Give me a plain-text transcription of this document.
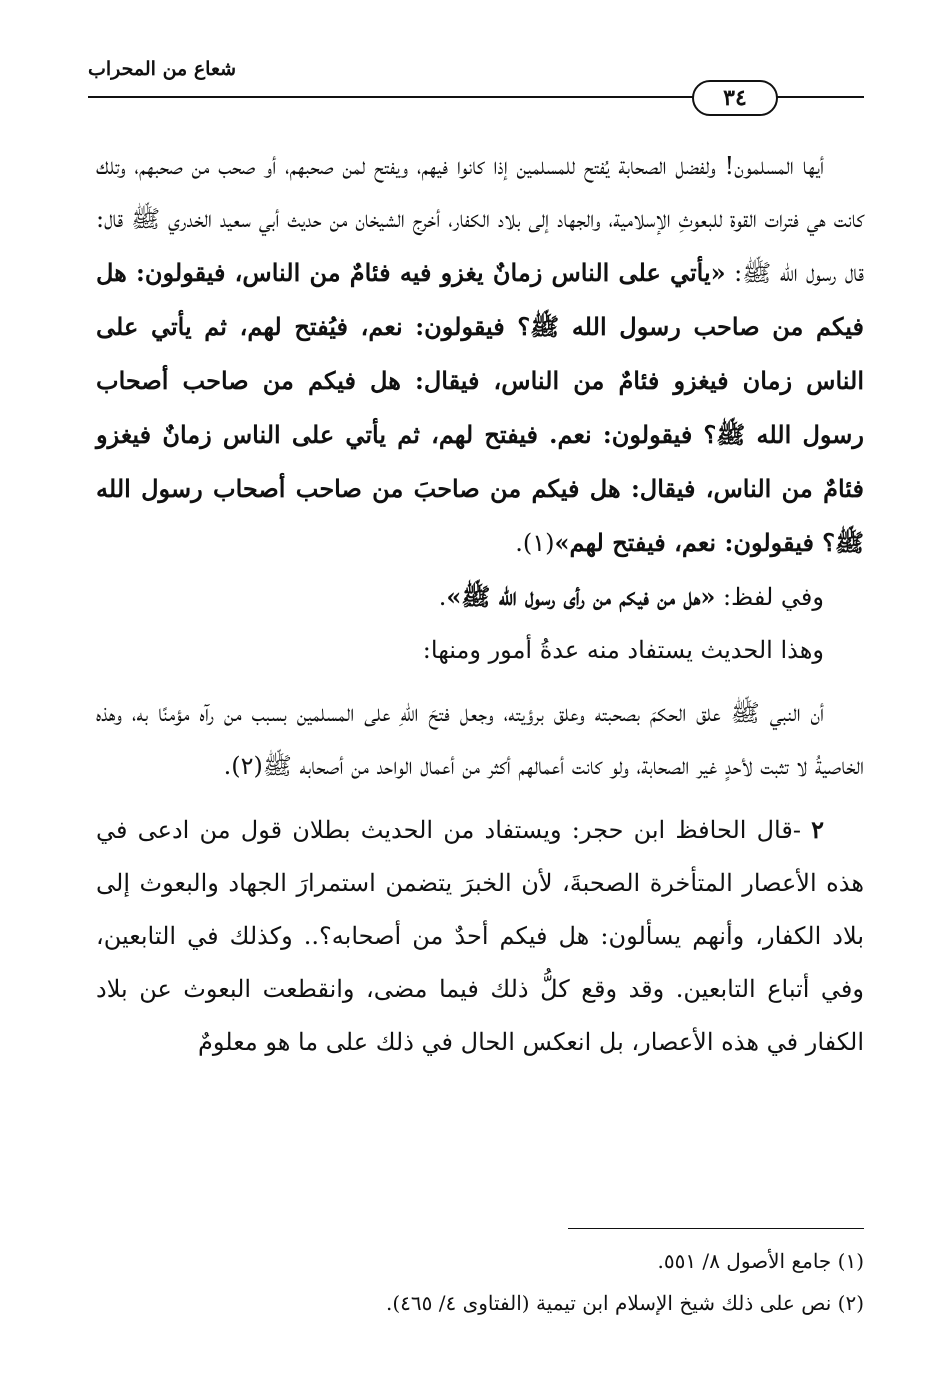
شعاع من المحراب
٣٤

أيها المسلمون! ولفضل الصحابة يُفتح للمسلمين إذا كانوا فيهم، ويفتح لمن صحبهم، أو صحب من صحبهم، وتلك كانت هي فترات القوة للبعوثِ الإسلامية، والجهاد إلى بلاد الكفار، أخرج الشيخان من حديث أبي سعيد الخدري ﷺ قال: قال رسول الله ﷺ: «يأتي على الناس زمانٌ يغزو فيه فئامٌ من الناس، فيقولون: هل فيكم من صاحب رسول الله ﷺ؟ فيقولون: نعم، فيُفتح لهم، ثم يأتي على الناس زمان فيغزو فئامٌ من الناس، فيقال: هل فيكم من صاحب أصحاب رسول الله ﷺ؟ فيقولون: نعم. فيفتح لهم، ثم يأتي على الناس زمانٌ فيغزو فئامٌ من الناس، فيقال: هل فيكم من صاحبَ من صاحب أصحاب رسول الله ﷺ؟ فيقولون: نعم، فيفتح لهم»(١).

وفي لفظ: «هل من فيكم من رأى رسول الله ﷺ».

وهذا الحديث يستفاد منه عدةُ أمور ومنها:

أن النبي ﷺ علق الحكمَ بصحبته وعلق برؤيته، وجعل فتحَ اللهِ على المسلمين بسبب من رآه مؤمنًا به، وهذه الخاصيةُ لا تثبت لأحدٍ غير الصحابة، ولو كانت أعمالهم أكثر من أعمال الواحد من أصحابه ﷺ(٢).

٢ -قال الحافظ ابن حجر: ويستفاد من الحديث بطلان قول من ادعى في هذه الأعصار المتأخرة الصحبةَ، لأن الخبرَ يتضمن استمرارَ الجهاد والبعوث إلى بلاد الكفار، وأنهم يسألون: هل فيكم أحدٌ من أصحابه؟.. وكذلك في التابعين، وفي أتباع التابعين. وقد وقع كلُّ ذلك فيما مضى، وانقطعت البعوث عن بلاد الكفار في هذه الأعصار، بل انعكس الحال في ذلك على ما هو معلومٌ

(١) جامع الأصول ٨/ ٥٥١.

(٢) نص على ذلك شيخ الإسلام ابن تيمية (الفتاوى ٤/ ٤٦٥).
